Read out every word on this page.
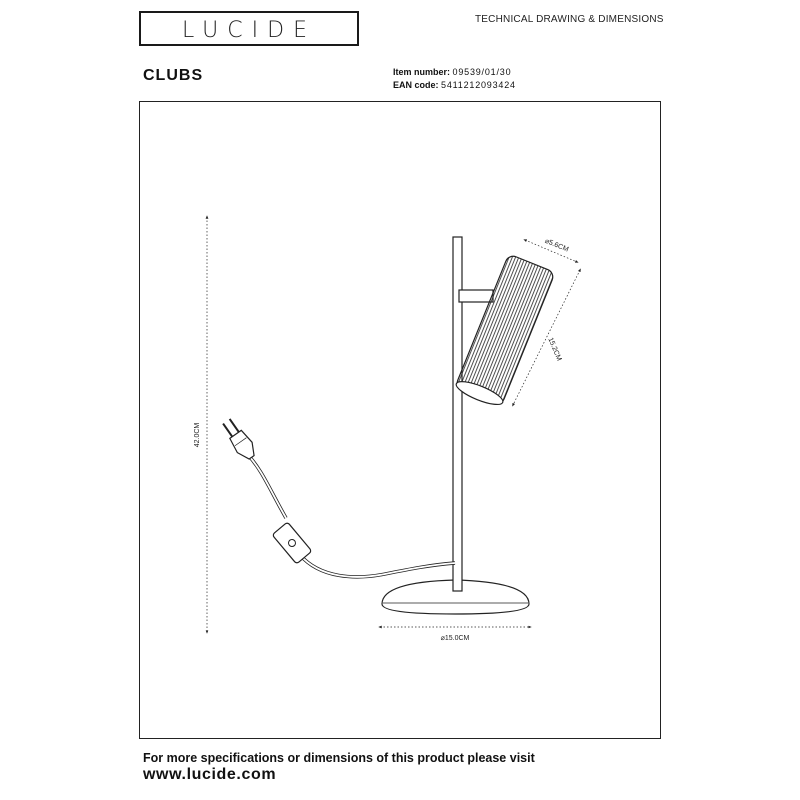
LUCIDE	TECHNICAL DRAWING & DIMENSIONS
CLUBS	Item number: 09539/01/30
EAN code: 5411212093424
42.0CM
⌀15.0CM
⌀5.6CM
15.2CM
For more specifications or dimensions of this product please visit
www.lucide.com
